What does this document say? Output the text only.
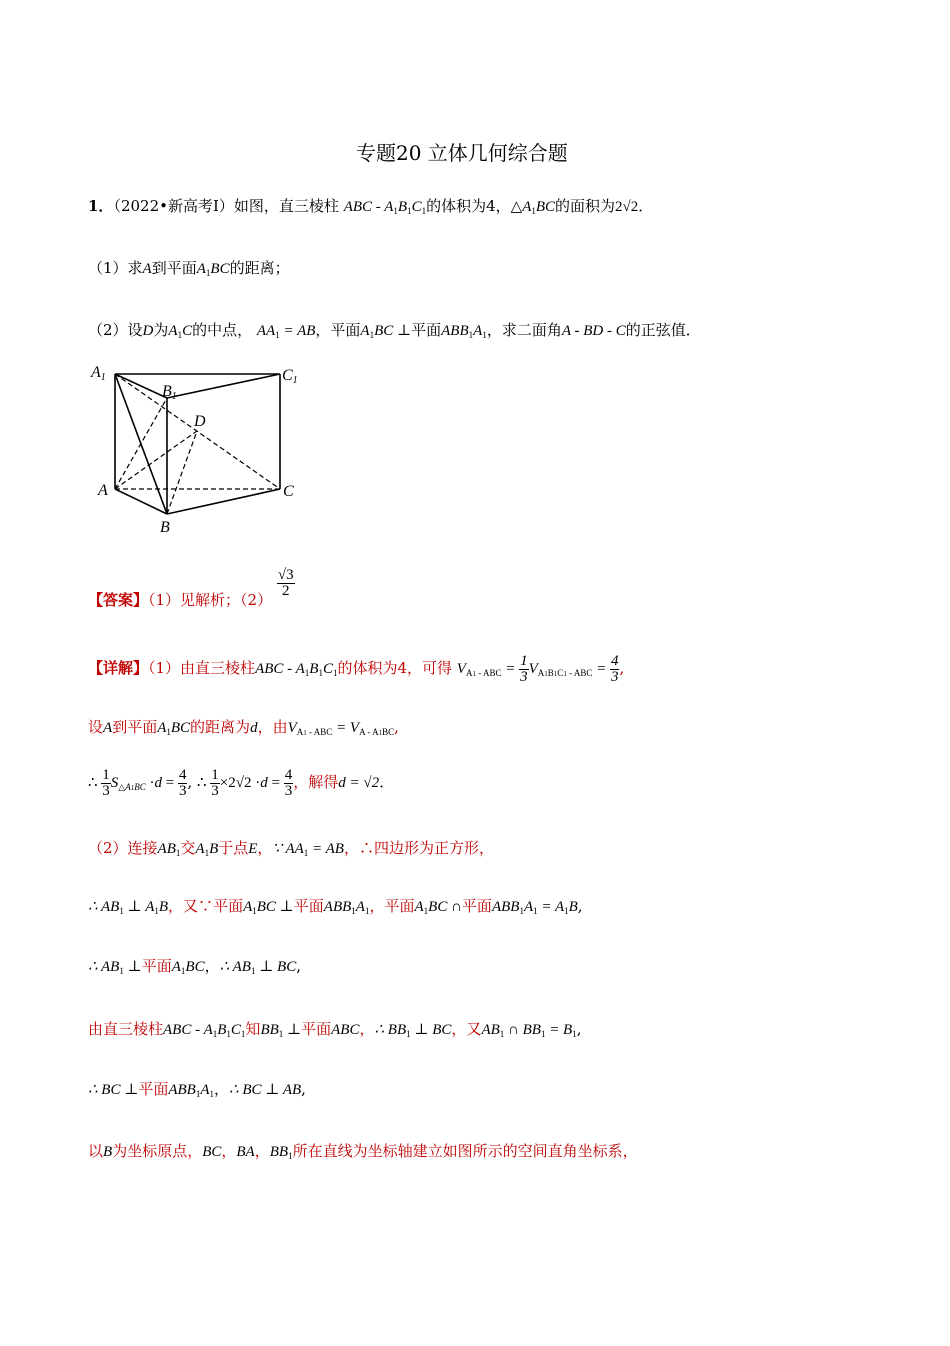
专题20 立体几何综合题
1．（2022•新高考Ⅰ）如图，直三棱柱 ABC - $A_1B_1C_1$的体积为4，$\triangle A_1BC$的面积为2√2．
（1）求A到平面$A_1BC$的距离；
（2）设D为$A_1C$的中点， $AA_1$ = AB，平面$A_1BC$ ⊥平面$ABB_1A_1$，求二面角A - BD - C的正弦值．
A1
B1
C1
D
A
B
C
【答案】（1）见解析；（2）
$\frac{√3}{2}$
【详解】（1）由直三棱柱ABC - $A_1B_1C_1$的体积为4，可得 $V_{A1 - ABC} = \frac{1}{3} V_{A1B1C1 - ABC} = \frac{4}{3}$ ,
设A到平面$A_1BC$的距离为d，由$V_{A1 - ABC} = V_{A - A1BC}$,
∴ $\frac{1}{3} S_{\triangle A1BC} \cdot d = \frac{4}{3}$ , ∴ $\frac{1}{3} \times 2√2 \cdot d = \frac{4}{3}$ ，解得d = √2．
（2）连接$AB_1$交$A_1B$于点E，∵ $AA_1$ = AB，∴四边形为正方形，
∴ $AB_1$ ⊥ $A_1B$，又∵平面$A_1BC$ ⊥平面$ABB_1A_1$，平面$A_1BC$ ∩平面$ABB_1A_1 = A_1B$,
∴ $AB_1$ ⊥平面$A_1BC$，∴ $AB_1$ ⊥ BC,
由直三棱柱ABC - $A_1B_1C_1$知$BB_1$ ⊥平面ABC，∴ $BB_1$ ⊥ BC，又$AB_1$ ∩ $BB_1 = B_1$,
∴ BC ⊥平面$ABB_1A_1$，∴ BC ⊥ AB,
以B为坐标原点，BC，BA，$BB_1$所在直线为坐标轴建立如图所示的空间直角坐标系，
